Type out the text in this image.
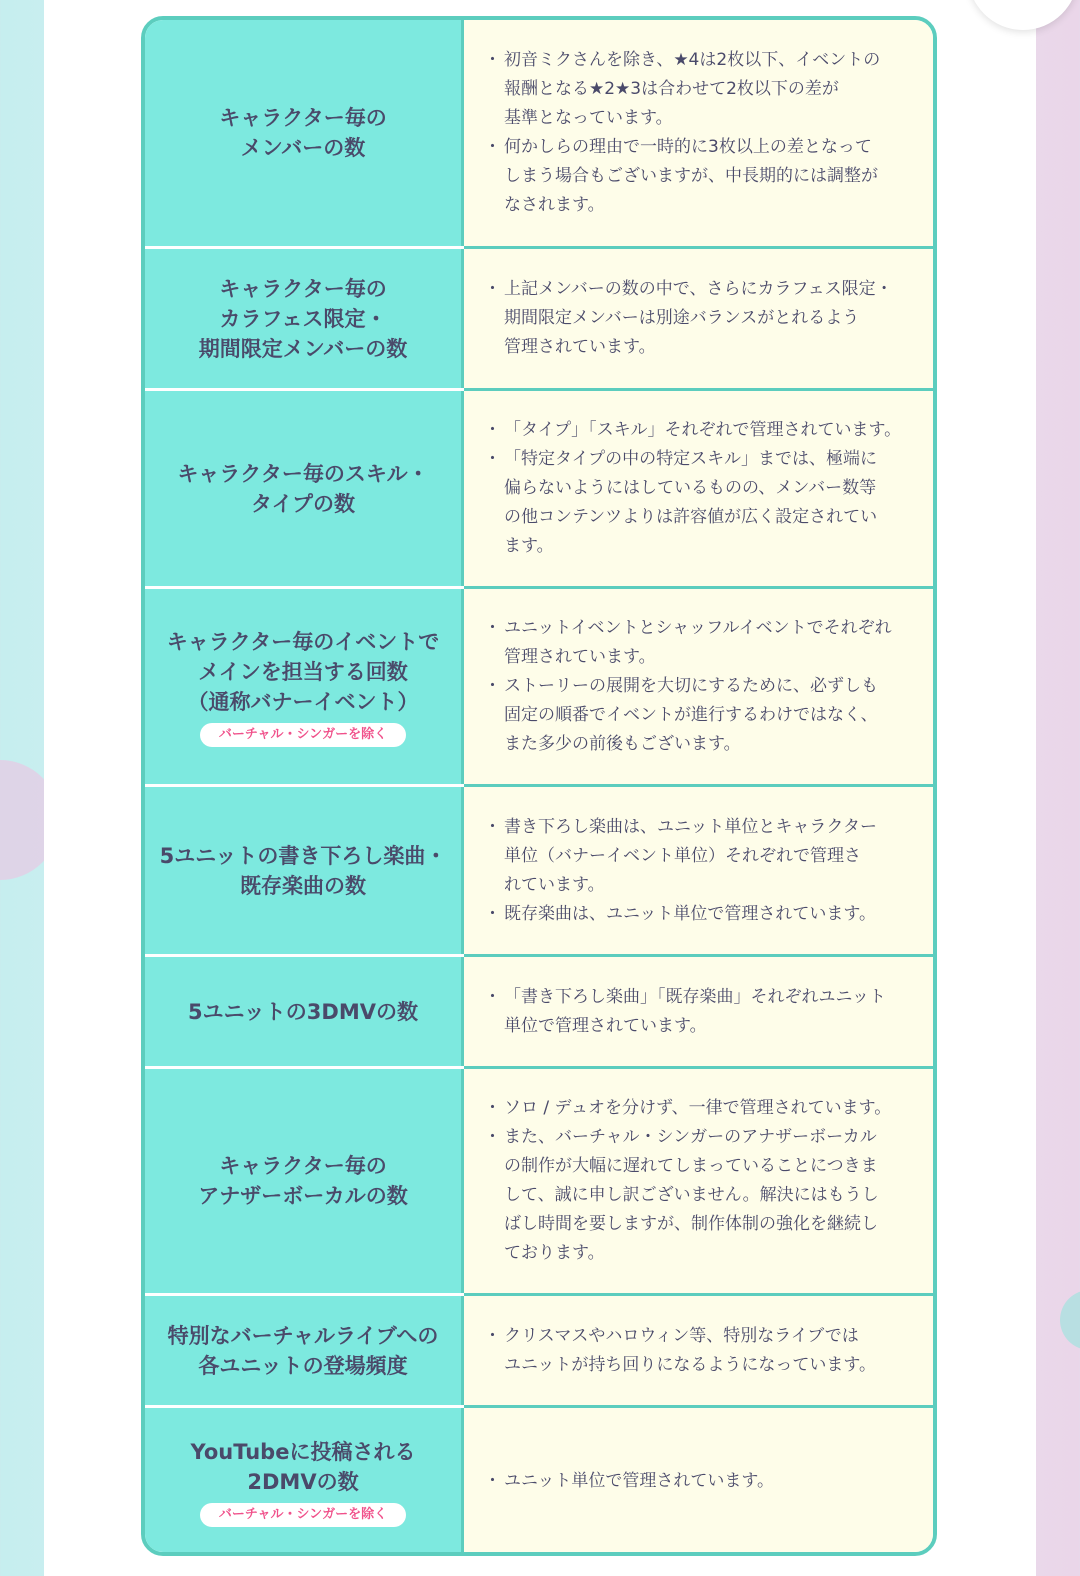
キャラクター毎の
メンバーの数
・ 初音ミクさんを除き、★4は2枚以下、イベントの
報酬となる★2★3は合わせて2枚以下の差が
基準となっています。
・ 何かしらの理由で一時的に3枚以上の差となって
しまう場合もございますが、中長期的には調整が
なされます。
キャラクター毎の
カラフェス限定・
期間限定メンバーの数
・ 上記メンバーの数の中で、さらにカラフェス限定・
期間限定メンバーは別途バランスがとれるよう
管理されています。
キャラクター毎のスキル・
タイプの数
・ 「タイプ」「スキル」それぞれで管理されています。
・ 「特定タイプの中の特定スキル」までは、極端に
偏らないようにはしているものの、メンバー数等
の他コンテンツよりは許容値が広く設定されてい
ます。
キャラクター毎のイベントで
メインを担当する回数
（通称バナーイベント）
バーチャル・シンガーを除く
・ ユニットイベントとシャッフルイベントでそれぞれ
管理されています。
・ ストーリーの展開を大切にするために、必ずしも
固定の順番でイベントが進行するわけではなく、
また多少の前後もございます。
5ユニットの書き下ろし楽曲・
既存楽曲の数
・ 書き下ろし楽曲は、ユニット単位とキャラクター
単位（バナーイベント単位）それぞれで管理さ
れています。
・ 既存楽曲は、ユニット単位で管理されています。
5ユニットの3DMVの数
・ 「書き下ろし楽曲」「既存楽曲」それぞれユニット
単位で管理されています。
キャラクター毎の
アナザーボーカルの数
・ ソロ / デュオを分けず、一律で管理されています。
・ また、バーチャル・シンガーのアナザーボーカル
の制作が大幅に遅れてしまっていることにつきま
して、誠に申し訳ございません。解決にはもうし
ばし時間を要しますが、制作体制の強化を継続し
ております。
特別なバーチャルライブへの
各ユニットの登場頻度
・ クリスマスやハロウィン等、特別なライブでは
ユニットが持ち回りになるようになっています。
YouTubeに投稿される
2DMVの数
バーチャル・シンガーを除く
・ ユニット単位で管理されています。
